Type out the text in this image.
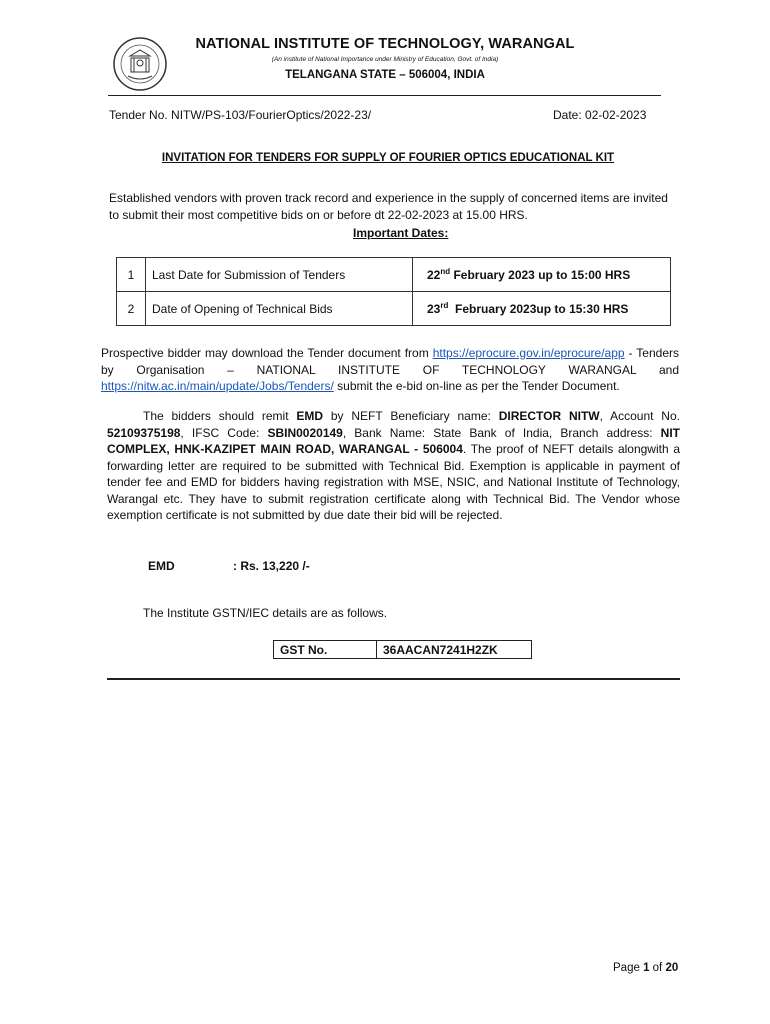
NATIONAL INSTITUTE OF TECHNOLOGY, WARANGAL
(An institute of National Importance under Ministry of Education, Govt. of India)
TELANGANA STATE – 506004, INDIA
Tender No. NITW/PS-103/FourierOptics/2022-23/	Date: 02-02-2023
INVITATION FOR TENDERS FOR SUPPLY OF FOURIER OPTICS EDUCATIONAL KIT
Established vendors with proven track record and experience in the supply of concerned items are invited to submit their most competitive bids on or before dt 22-02-2023 at 15.00 HRS.
Important Dates:
1	Last Date for Submission of Tenders	22nd February 2023 up to 15:00 HRS
2	Date of Opening of Technical Bids	23rd  February 2023up to 15:30 HRS
Prospective bidder may download the Tender document from https://eprocure.gov.in/eprocure/app - Tenders by Organisation – NATIONAL INSTITUTE OF TECHNOLOGY WARANGAL and https://nitw.ac.in/main/update/Jobs/Tenders/ submit the e-bid on-line as per the Tender Document.
The bidders should remit EMD by NEFT Beneficiary name: DIRECTOR NITW, Account No. 52109375198, IFSC Code: SBIN0020149, Bank Name: State Bank of India, Branch address: NIT COMPLEX, HNK-KAZIPET MAIN ROAD, WARANGAL - 506004. The proof of NEFT details alongwith a forwarding letter are required to be submitted with Technical Bid. Exemption is applicable in payment of tender fee and EMD for bidders having registration with MSE, NSIC, and National Institute of Technology, Warangal etc. They have to submit registration certificate along with Technical Bid. The Vendor whose exemption certificate is not submitted by due date their bid will be rejected.
EMD	: Rs. 13,220 /-
The Institute GSTN/IEC details are as follows.
GST No.	36AACAN7241H2ZK
Page 1 of 20
